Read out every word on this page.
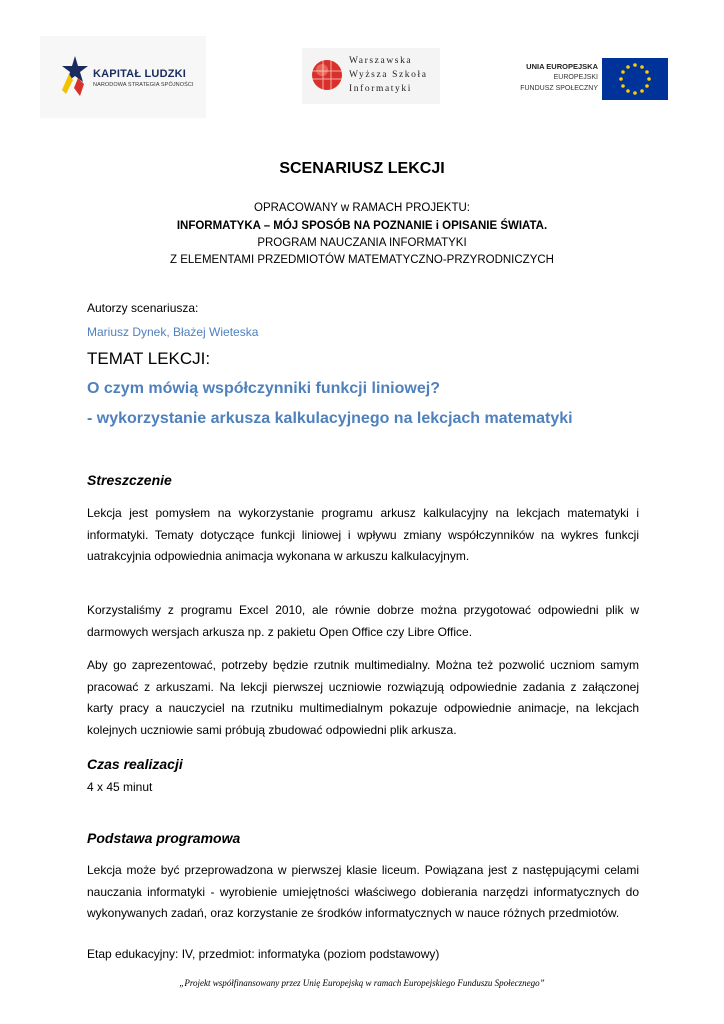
KAPITAŁ LUDZKI
NARODOWA STRATEGIA SPÓJNOŚCI
Warszawska
Wyższa Szkoła
Informatyki
UNIA EUROPEJSKA
EUROPEJSKI
FUNDUSZ SPOŁECZNY
SCENARIUSZ LEKCJI
OPRACOWANY w RAMACH PROJEKTU:
INFORMATYKA – MÓJ SPOSÓB NA POZNANIE i OPISANIE ŚWIATA.
PROGRAM NAUCZANIA INFORMATYKI
Z ELEMENTAMI PRZEDMIOTÓW MATEMATYCZNO-PRZYRODNICZYCH
Autorzy scenariusza:
Mariusz Dynek, Błażej Wieteska
TEMAT LEKCJI:
O czym mówią współczynniki funkcji liniowej?
- wykorzystanie arkusza kalkulacyjnego na lekcjach matematyki
Streszczenie
Lekcja jest pomysłem na wykorzystanie programu arkusz kalkulacyjny na lekcjach matematyki i informatyki. Tematy dotyczące funkcji liniowej i wpływu zmiany współczynników na wykres funkcji uatrakcyjnia odpowiednia animacja wykonana w arkuszu kalkulacyjnym.
Korzystaliśmy z programu Excel 2010, ale równie dobrze można przygotować odpowiedni plik w darmowych wersjach arkusza np. z pakietu Open Office czy Libre Office.
Aby go zaprezentować, potrzeby będzie rzutnik multimedialny. Można też pozwolić uczniom samym pracować z arkuszami. Na lekcji pierwszej uczniowie rozwiązują odpowiednie zadania z załączonej karty pracy a nauczyciel na rzutniku multimedialnym pokazuje odpowiednie animacje, na lekcjach kolejnych uczniowie sami próbują zbudować odpowiedni plik arkusza.
Czas realizacji
4 x 45 minut
Podstawa programowa
Lekcja może być przeprowadzona w pierwszej klasie liceum. Powiązana jest z następującymi celami nauczania informatyki - wyrobienie umiejętności właściwego dobierania narzędzi informatycznych do wykonywanych zadań, oraz korzystanie ze środków informatycznych w nauce różnych przedmiotów.
Etap edukacyjny: IV, przedmiot: informatyka (poziom podstawowy)
„Projekt współfinansowany przez Unię Europejską w ramach Europejskiego Funduszu Społecznego”
